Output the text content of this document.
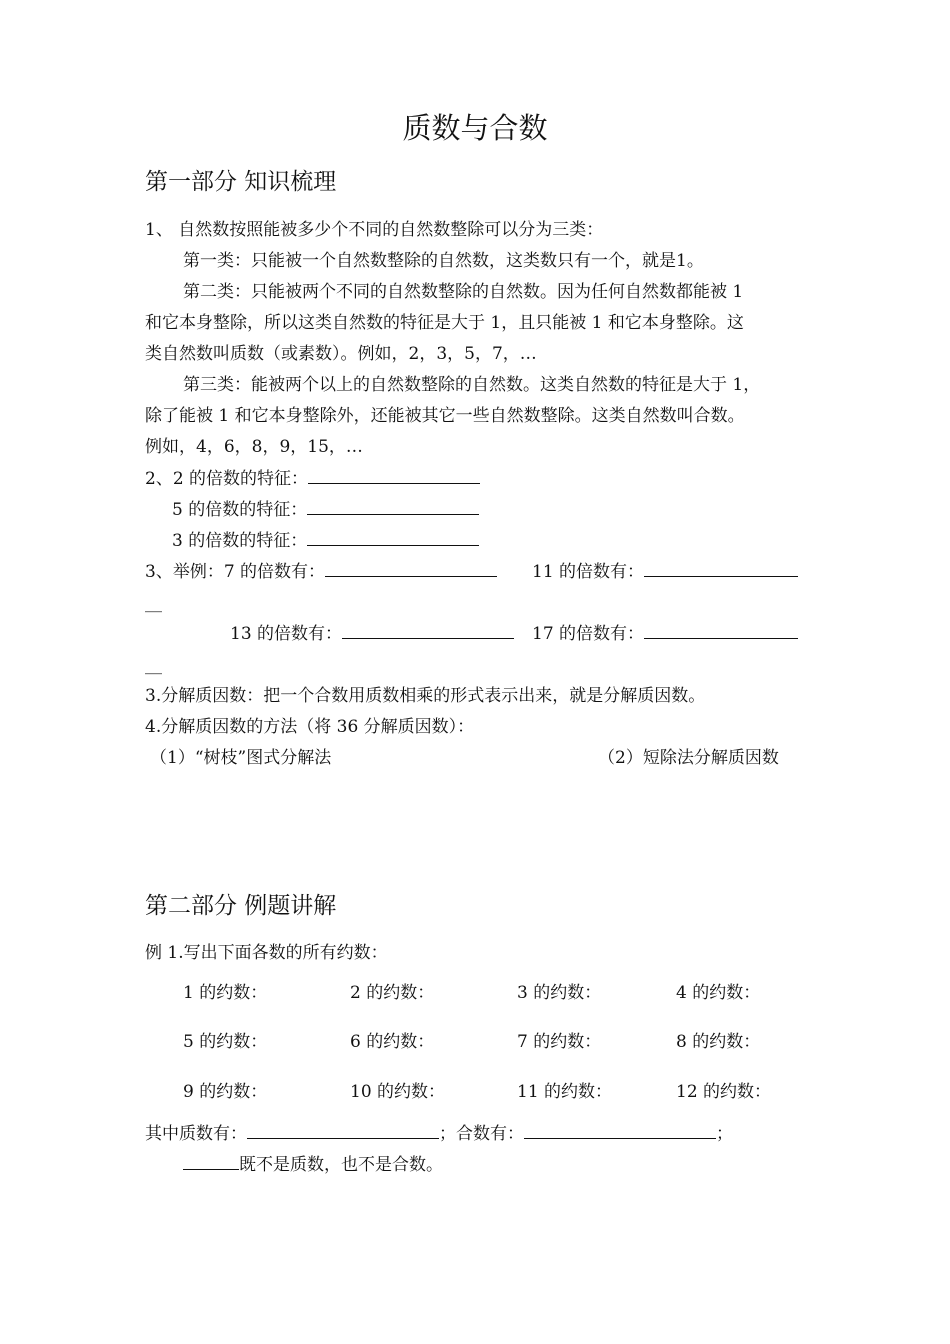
质数与合数
第一部分 知识梳理
1、 自然数按照能被多少个不同的自然数整除可以分为三类：
第一类：只能被一个自然数整除的自然数，这类数只有一个，就是1。
第二类：只能被两个不同的自然数整除的自然数。因为任何自然数都能被 1
和它本身整除，所以这类自然数的特征是大于 1，且只能被 1 和它本身整除。这
类自然数叫质数（或素数）。例如，2，3，5，7，…
第三类：能被两个以上的自然数整除的自然数。这类自然数的特征是大于 1，
除了能被 1 和它本身整除外，还能被其它一些自然数整除。这类自然数叫合数。
例如，4，6，8，9，15，…
2、2 的倍数的特征：
5 的倍数的特征：
3 的倍数的特征：
3、举例：7 的倍数有：	11 的倍数有：
__
13 的倍数有：	17 的倍数有：
__
3.分解质因数：把一个合数用质数相乘的形式表示出来，就是分解质因数。
4.分解质因数的方法（将 36 分解质因数）：
（1）“树枝”图式分解法	（2）短除法分解质因数
第二部分 例题讲解
例 1.写出下面各数的所有约数：
1 的约数：	2 的约数：	3 的约数：	4 的约数：
5 的约数：	6 的约数：	7 的约数：	8 的约数：
9 的约数：	10 的约数：	11 的约数：	12 的约数：
其中质数有：	；合数有：	；
既不是质数，也不是合数。
